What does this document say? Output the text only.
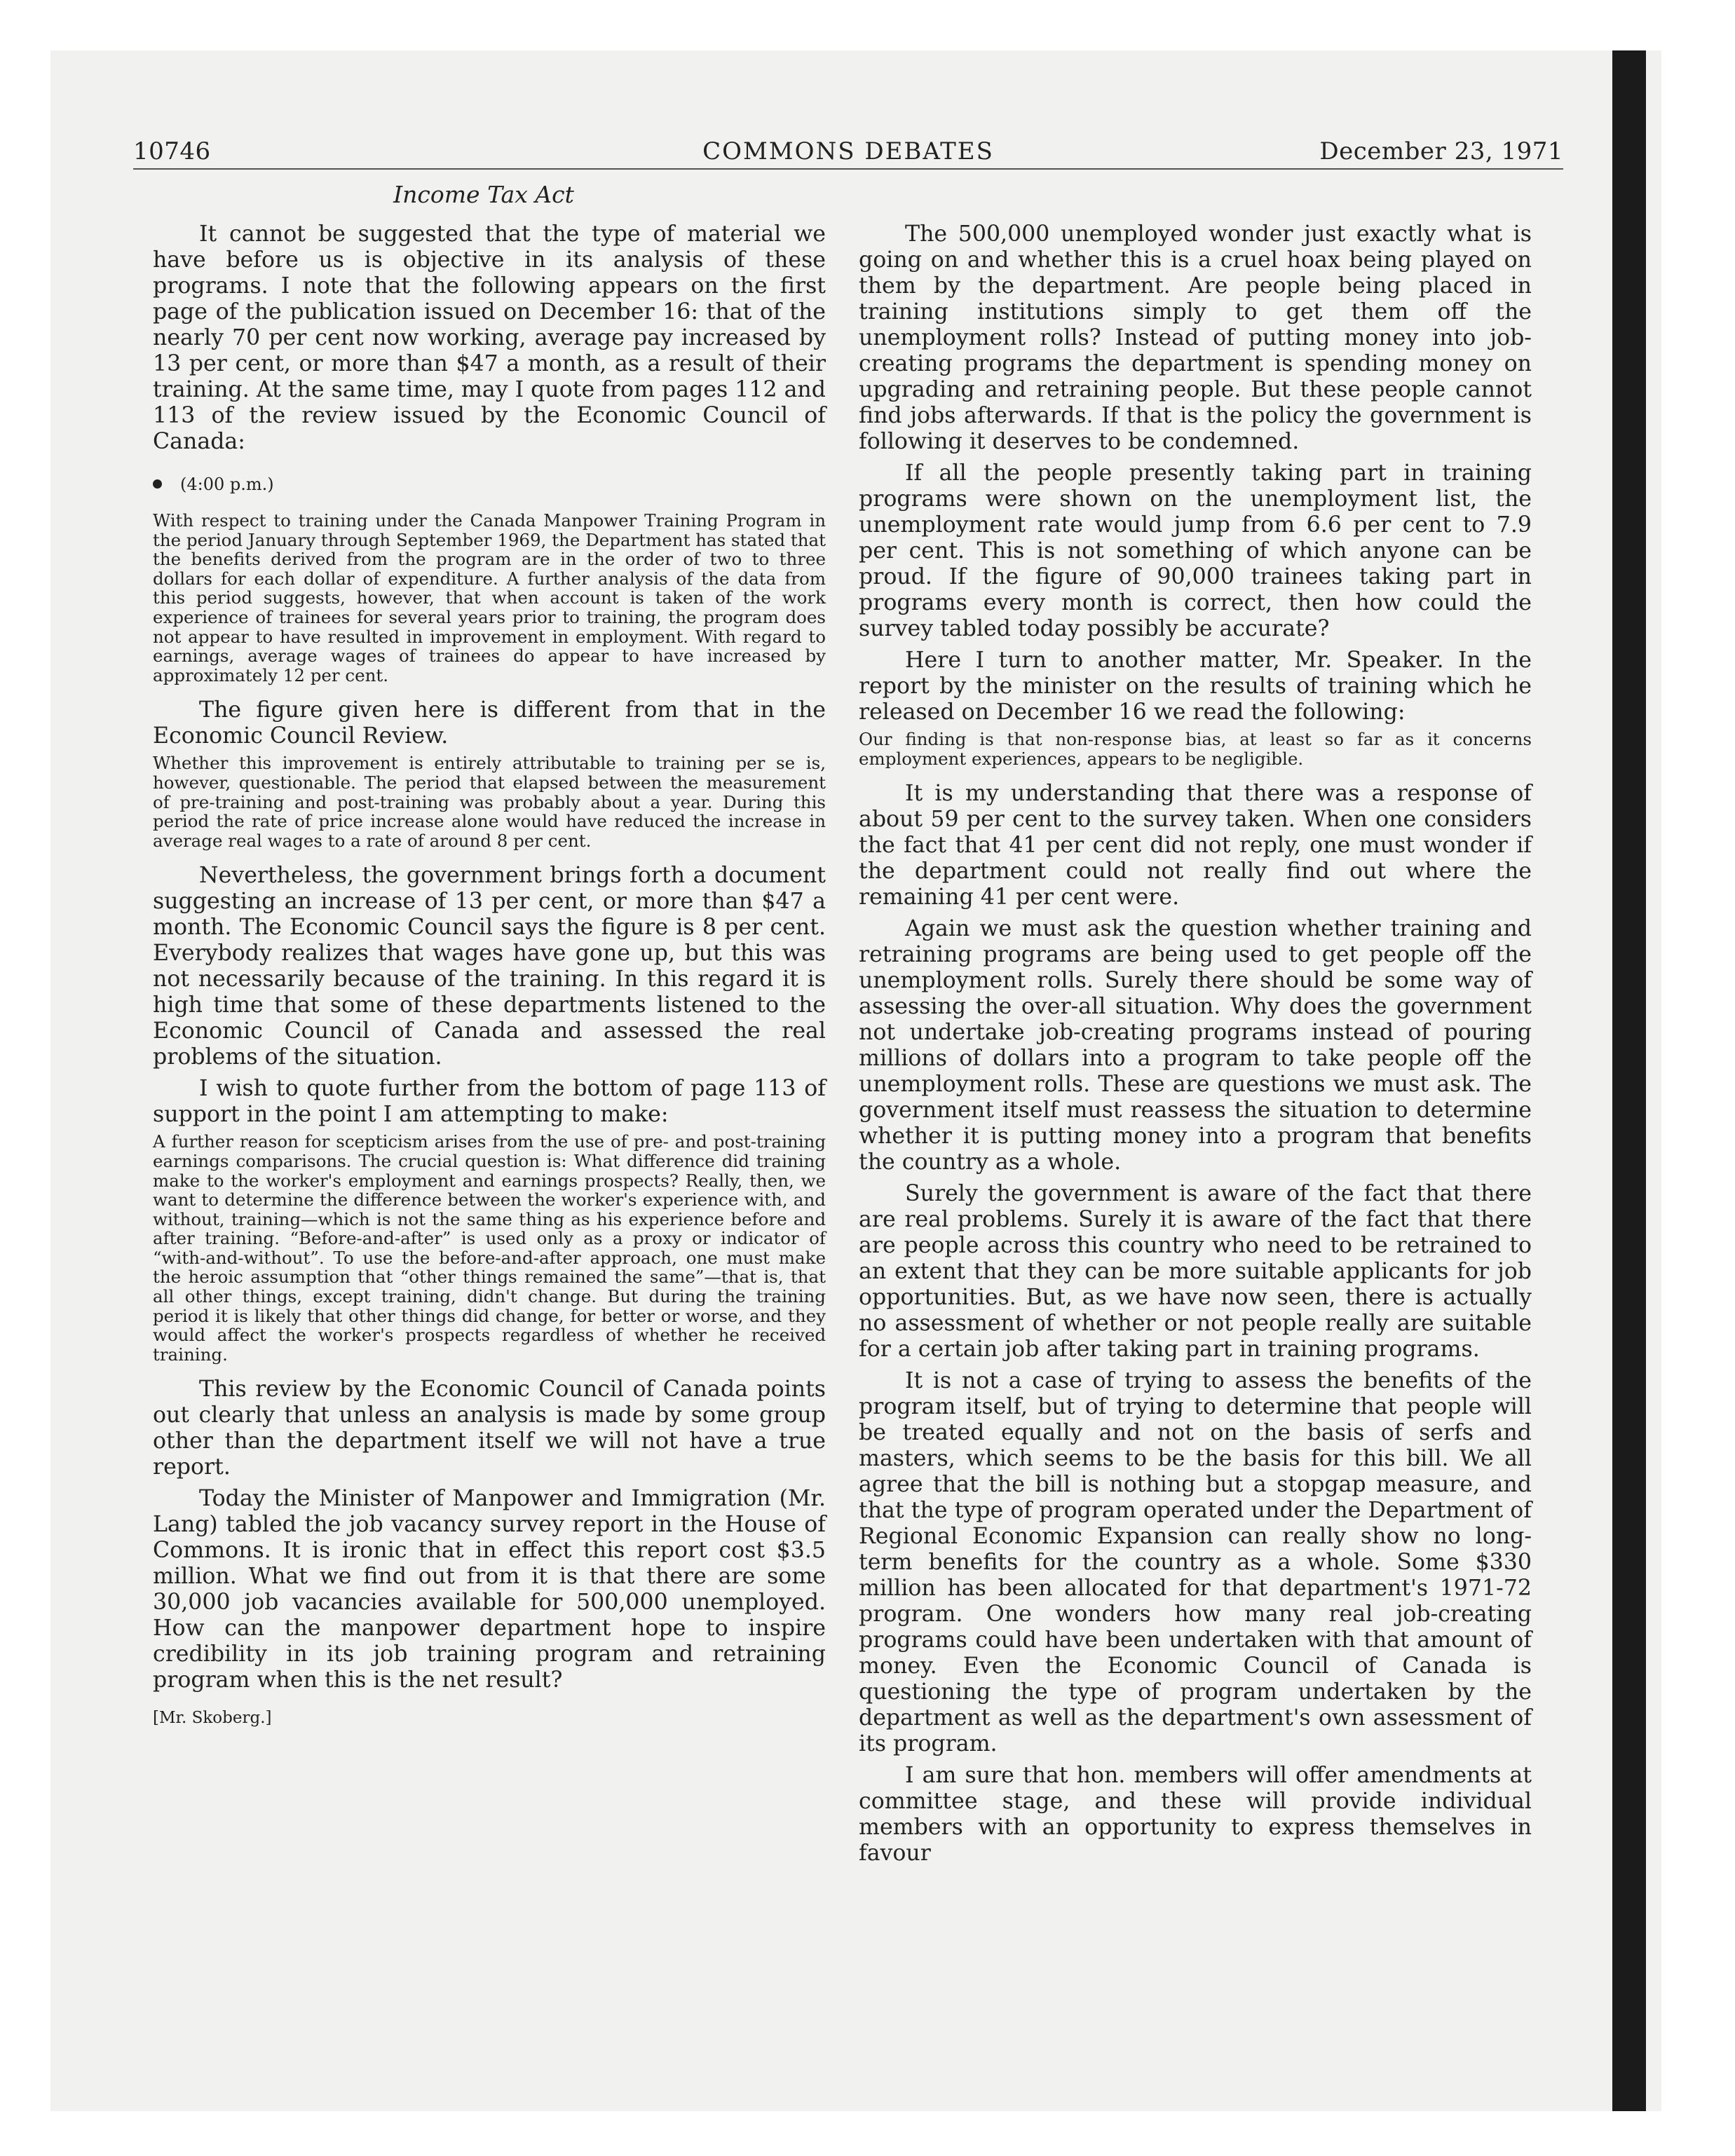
10746	COMMONS DEBATES	December 23, 1971
Income Tax Act

It cannot be suggested that the type of material we have before us is objective in its analysis of these programs. I note that the following appears on the first page of the publication issued on December 16: that of the nearly 70 per cent now working, average pay increased by 13 per cent, or more than $47 a month, as a result of their training. At the same time, may I quote from pages 112 and 113 of the review issued by the Economic Council of Canada:

(4:00 p.m.)

With respect to training under the Canada Manpower Training Program in the period January through September 1969, the Department has stated that the benefits derived from the program are in the order of two to three dollars for each dollar of expenditure. A further analysis of the data from this period suggests, however, that when account is taken of the work experience of trainees for several years prior to training, the program does not appear to have resulted in improvement in employment. With regard to earnings, average wages of trainees do appear to have increased by approximately 12 per cent.

The figure given here is different from that in the Economic Council Review.

Whether this improvement is entirely attributable to training per se is, however, questionable. The period that elapsed between the measurement of pre-training and post-training was probably about a year. During this period the rate of price increase alone would have reduced the increase in average real wages to a rate of around 8 per cent.

Nevertheless, the government brings forth a document suggesting an increase of 13 per cent, or more than $47 a month. The Economic Council says the figure is 8 per cent. Everybody realizes that wages have gone up, but this was not necessarily because of the training. In this regard it is high time that some of these departments listened to the Economic Council of Canada and assessed the real problems of the situation.

I wish to quote further from the bottom of page 113 of support in the point I am attempting to make:

A further reason for scepticism arises from the use of pre- and post-training earnings comparisons. The crucial question is: What difference did training make to the worker's employment and earnings prospects? Really, then, we want to determine the difference between the worker's experience with, and without, training—which is not the same thing as his experience before and after training. “Before-and-after” is used only as a proxy or indicator of “with-and-without”. To use the before-and-after approach, one must make the heroic assumption that “other things remained the same”—that is, that all other things, except training, didn't change. But during the training period it is likely that other things did change, for better or worse, and they would affect the worker's prospects regardless of whether he received training.

This review by the Economic Council of Canada points out clearly that unless an analysis is made by some group other than the department itself we will not have a true report.

Today the Minister of Manpower and Immigration (Mr. Lang) tabled the job vacancy survey report in the House of Commons. It is ironic that in effect this report cost $3.5 million. What we find out from it is that there are some 30,000 job vacancies available for 500,000 unemployed. How can the manpower department hope to inspire credibility in its job training program and retraining program when this is the net result?

[Mr. Skoberg.]

The 500,000 unemployed wonder just exactly what is going on and whether this is a cruel hoax being played on them by the department. Are people being placed in training institutions simply to get them off the unemployment rolls? Instead of putting money into job-creating programs the department is spending money on upgrading and retraining people. But these people cannot find jobs afterwards. If that is the policy the government is following it deserves to be condemned.

If all the people presently taking part in training programs were shown on the unemployment list, the unemployment rate would jump from 6.6 per cent to 7.9 per cent. This is not something of which anyone can be proud. If the figure of 90,000 trainees taking part in programs every month is correct, then how could the survey tabled today possibly be accurate?

Here I turn to another matter, Mr. Speaker. In the report by the minister on the results of training which he released on December 16 we read the following:

Our finding is that non-response bias, at least so far as it concerns employment experiences, appears to be negligible.

It is my understanding that there was a response of about 59 per cent to the survey taken. When one considers the fact that 41 per cent did not reply, one must wonder if the department could not really find out where the remaining 41 per cent were.

Again we must ask the question whether training and retraining programs are being used to get people off the unemployment rolls. Surely there should be some way of assessing the over-all situation. Why does the government not undertake job-creating programs instead of pouring millions of dollars into a program to take people off the unemployment rolls. These are questions we must ask. The government itself must reassess the situation to determine whether it is putting money into a program that benefits the country as a whole.

Surely the government is aware of the fact that there are real problems. Surely it is aware of the fact that there are people across this country who need to be retrained to an extent that they can be more suitable applicants for job opportunities. But, as we have now seen, there is actually no assessment of whether or not people really are suitable for a certain job after taking part in training programs.

It is not a case of trying to assess the benefits of the program itself, but of trying to determine that people will be treated equally and not on the basis of serfs and masters, which seems to be the basis for this bill. We all agree that the bill is nothing but a stopgap measure, and that the type of program operated under the Department of Regional Economic Expansion can really show no long-term benefits for the country as a whole. Some $330 million has been allocated for that department's 1971-72 program. One wonders how many real job-creating programs could have been undertaken with that amount of money. Even the Economic Council of Canada is questioning the type of program undertaken by the department as well as the department's own assessment of its program.

I am sure that hon. members will offer amendments at committee stage, and these will provide individual members with an opportunity to express themselves in favour
